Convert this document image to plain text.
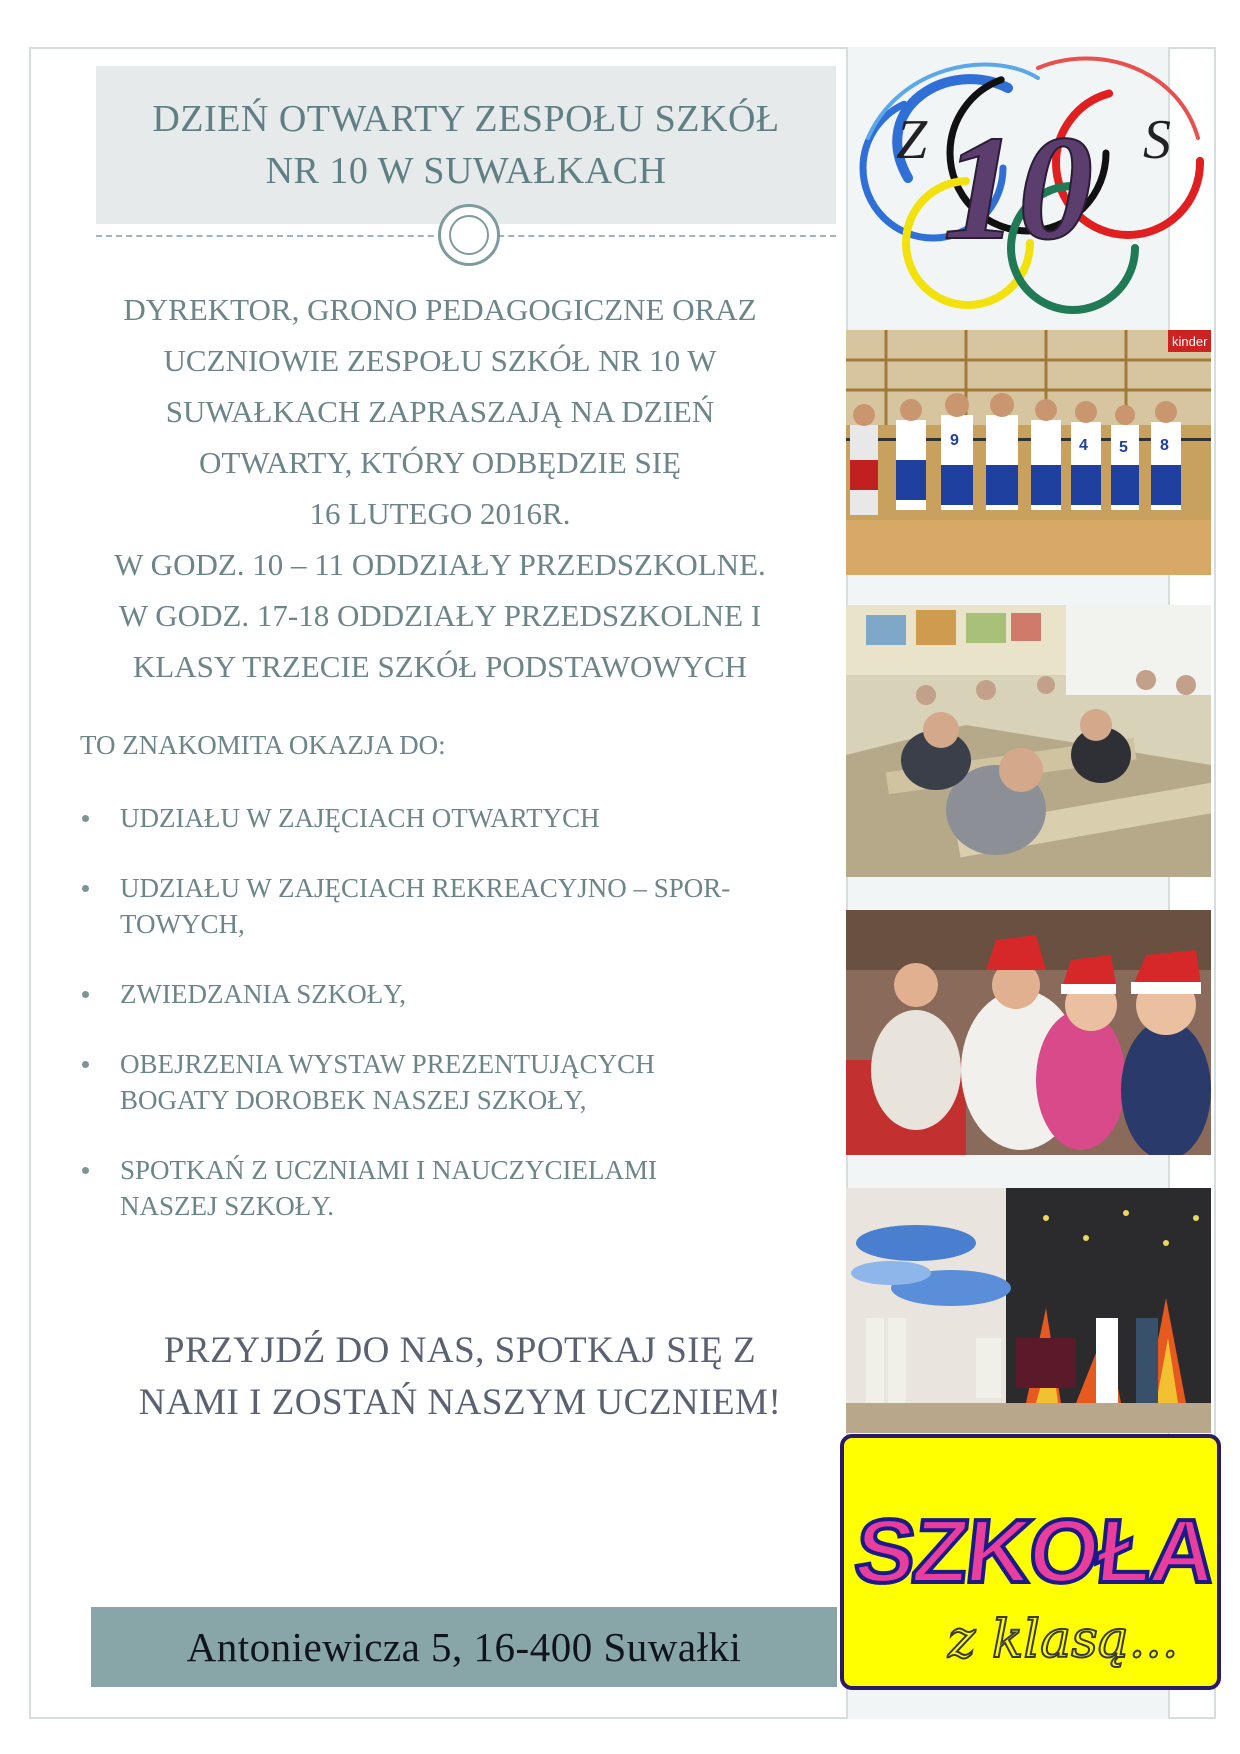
DZIEŃ OTWARTY ZESPOŁU SZKÓŁ
NR 10 W SUWAŁKACH
DYREKTOR, GRONO PEDAGOGICZNE ORAZ
UCZNIOWIE ZESPOŁU SZKÓŁ NR 10 W
SUWAŁKACH ZAPRASZAJĄ NA DZIEŃ
OTWARTY, KTÓRY ODBĘDZIE SIĘ
16 LUTEGO 2016R.
W GODZ. 10 – 11 ODDZIAŁY PRZEDSZKOLNE.
W GODZ. 17-18 ODDZIAŁY PRZEDSZKOLNE I
KLASY TRZECIE SZKÓŁ PODSTAWOWYCH

TO ZNAKOMITA OKAZJA DO:

UDZIAŁU W ZAJĘCIACH OTWARTYCH
UDZIAŁU W ZAJĘCIACH REKREACYJNO – SPOR-
TOWYCH,
ZWIEDZANIA SZKOŁY,
OBEJRZENIA WYSTAW PREZENTUJĄCYCH
BOGATY DOROBEK NASZEJ SZKOŁY,
SPOTKAŃ Z UCZNIAMI I NAUCZYCIELAMI
NASZEJ SZKOŁY.

PRZYJDŹ DO NAS, SPOTKAJ SIĘ Z
NAMI I ZOSTAŃ NASZYM UCZNIEM!

Antoniewicza 5, 16-400 Suwałki
Z	S
10
kinder
9	4 5 8
SZKOŁA
z klasą...
